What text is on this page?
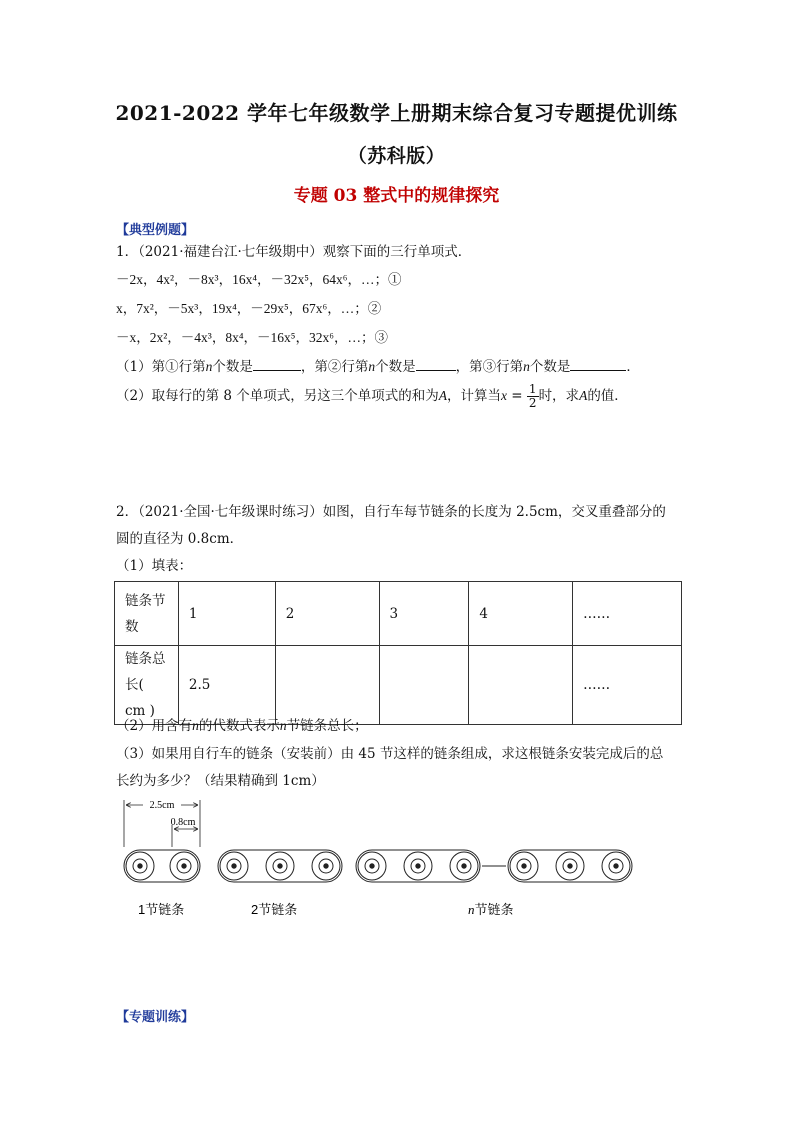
2021-2022 学年七年级数学上册期末综合复习专题提优训练
（苏科版）
专题 03 整式中的规律探究
【典型例题】
1．（2021·福建台江·七年级期中）观察下面的三行单项式．
－2x，4x²，－8x³，16x⁴，－32x⁵，64x⁶，…；①
x，7x²，－5x³，19x⁴，－29x⁵，67x⁶，…；②
－x，2x²，－4x³，8x⁴，－16x⁵，32x⁶，…；③
（1）第①行第n个数是	，第②行第n个数是	，第③行第n个数是	．
（2）取每行的第 8 个单项式，另这三个单项式的和为A，计算当$x = \frac{1}{2}$ 时，求A的值．
2．（2021·全国·七年级课时练习）如图，自行车每节链条的长度为 2.5cm，交叉重叠部分的
圆的直径为 0.8cm．
（1）填表：
链条节
数	1	2	3	4	……
链条总
长( cm )	2.5				……
（2）用含有n的代数式表示n节链条总长；
（3）如果用自行车的链条（安装前）由 45 节这样的链条组成，求这根链条安装完成后的总
长约为多少？（结果精确到 1cm）
2.5cm
0.8cm
1节链条	2节链条	n节链条
【专题训练】
